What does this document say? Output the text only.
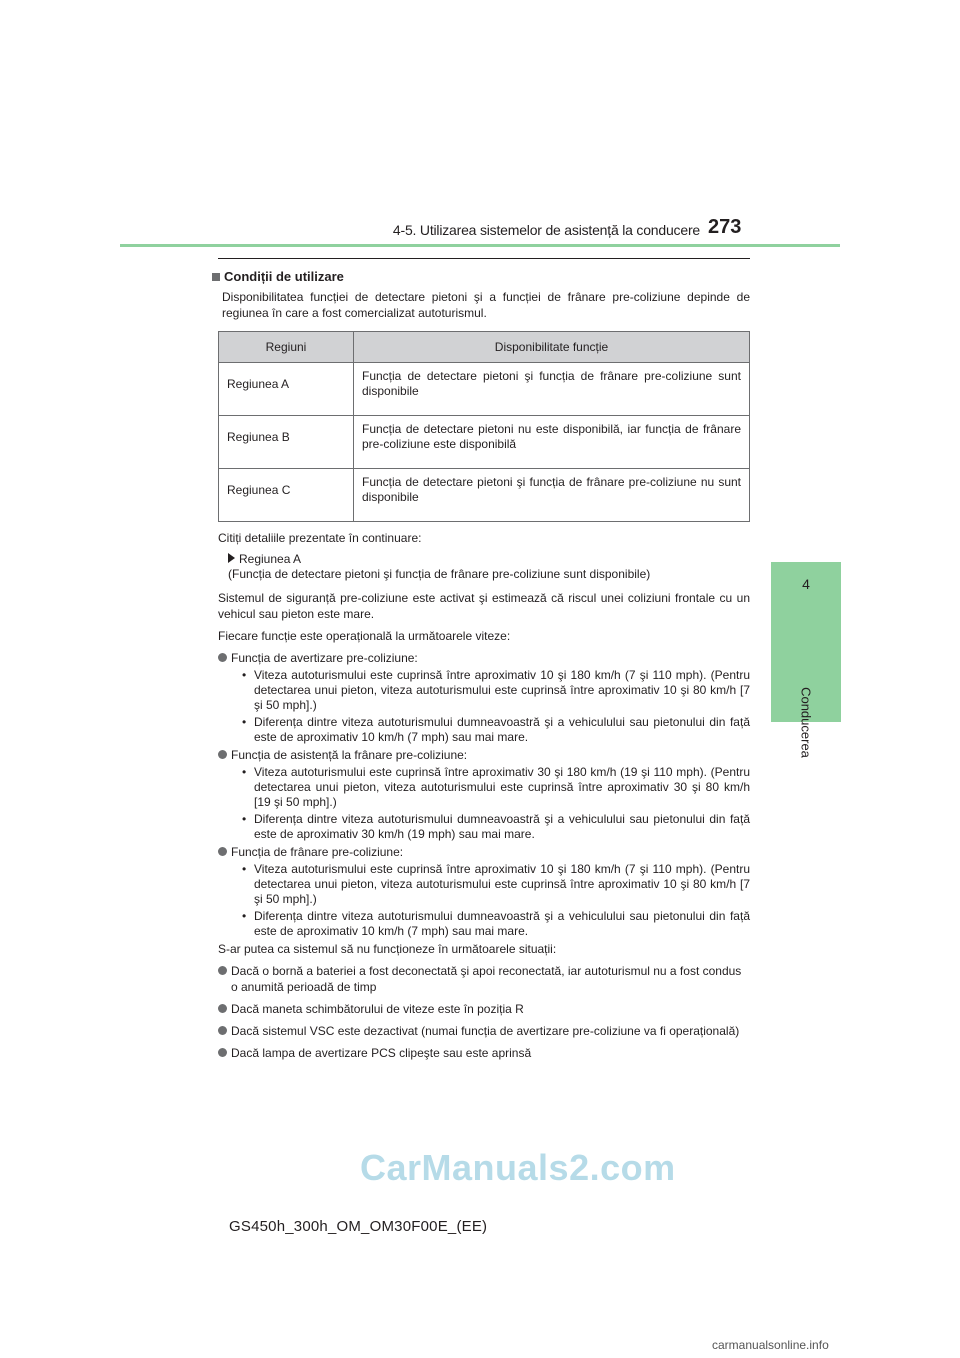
4-5. Utilizarea sistemelor de asistență la conducere 273
4
Conducerea
Condiții de utilizare

Disponibilitatea funcției de detectare pietoni şi a funcției de frânare pre-coliziune depinde de regiunea în care a fost comercializat autoturismul.

Regiuni	Disponibilitate funcție
Regiunea A	Funcția de detectare pietoni şi funcția de frânare pre-coliziune sunt disponibile
Regiunea B	Funcția de detectare pietoni nu este disponibilă, iar funcția de frânare pre-coliziune este disponibilă
Regiunea C	Funcția de detectare pietoni şi funcția de frânare pre-coliziune nu sunt disponibile

Citiți detaliile prezentate în continuare:

Regiunea A
(Funcția de detectare pietoni şi funcția de frânare pre-coliziune sunt disponibile)

Sistemul de siguranță pre-coliziune este activat şi estimează că riscul unei coliziuni frontale cu un vehicul sau pieton este mare.

Fiecare funcție este operațională la următoarele viteze:

Funcția de avertizare pre-coliziune:
• Viteza autoturismului este cuprinsă între aproximativ 10 şi 180 km/h (7 şi 110 mph). (Pentru detectarea unui pieton, viteza autoturismului este cuprinsă între aproximativ 10 şi 80 km/h [7 şi 50 mph].)
• Diferența dintre viteza autoturismului dumneavoastră şi a vehiculului sau pietonului din față este de aproximativ 10 km/h (7 mph) sau mai mare.
Funcția de asistență la frânare pre-coliziune:
• Viteza autoturismului este cuprinsă între aproximativ 30 şi 180 km/h (19 şi 110 mph). (Pentru detectarea unui pieton, viteza autoturismului este cuprinsă între aproximativ 30 şi 80 km/h [19 şi 50 mph].)
• Diferența dintre viteza autoturismului dumneavoastră şi a vehiculului sau pietonului din față este de aproximativ 30 km/h (19 mph) sau mai mare.
Funcția de frânare pre-coliziune:
• Viteza autoturismului este cuprinsă între aproximativ 10 şi 180 km/h (7 şi 110 mph). (Pentru detectarea unui pieton, viteza autoturismului este cuprinsă între aproximativ 10 şi 80 km/h [7 şi 50 mph].)
• Diferența dintre viteza autoturismului dumneavoastră şi a vehiculului sau pietonului din față este de aproximativ 10 km/h (7 mph) sau mai mare.

S-ar putea ca sistemul să nu funcționeze în următoarele situații:

Dacă o bornă a bateriei a fost deconectată şi apoi reconectată, iar autoturismul nu a fost condus o anumită perioadă de timp
Dacă maneta schimbătorului de viteze este în poziția R
Dacă sistemul VSC este dezactivat (numai funcția de avertizare pre-coliziune va fi operațională)
Dacă lampa de avertizare PCS clipeşte sau este aprinsă
CarManuals2.com
GS450h_300h_OM_OM30F00E_(EE)
carmanualsonline.info
